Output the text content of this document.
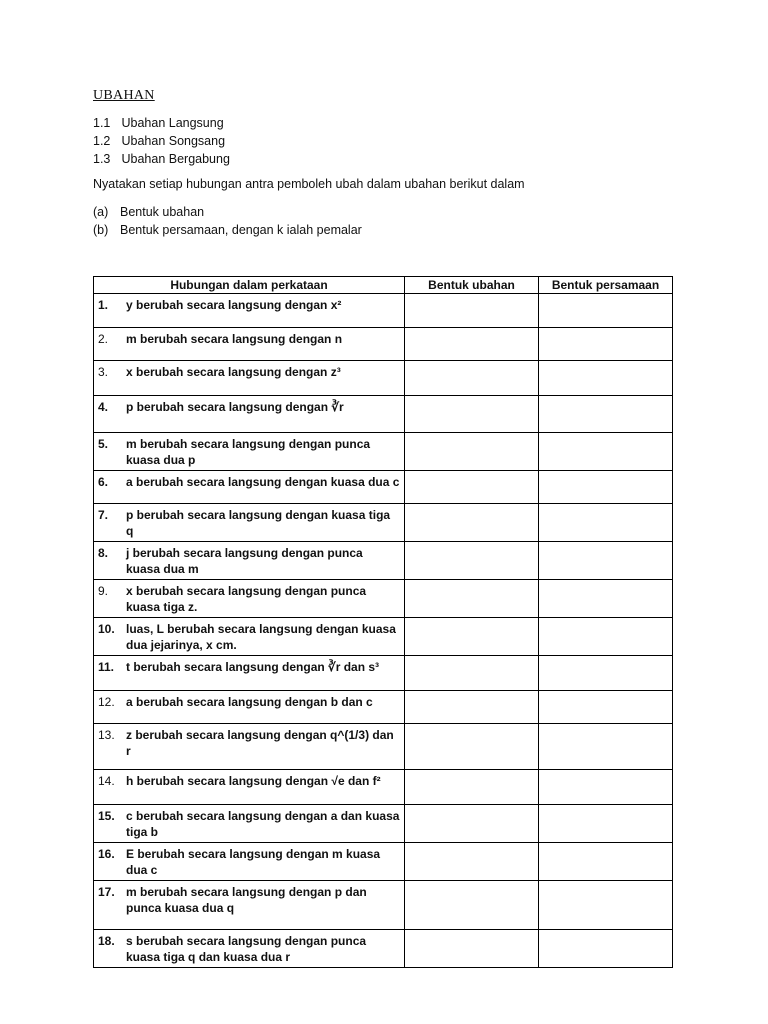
UBAHAN
1.1 Ubahan Langsung
1.2 Ubahan Songsang
1.3 Ubahan Bergabung
Nyatakan setiap hubungan antra pemboleh ubah dalam ubahan berikut dalam
(a) Bentuk ubahan
(b) Bentuk persamaan, dengan k ialah pemalar
Hubungan dalam perkataan	Bentuk ubahan	Bentuk persamaan

1. y berubah secara langsung dengan x²		

2. m berubah secara langsung dengan n		

3. x berubah secara langsung dengan z³		

4. p berubah secara langsung dengan ∛r		

5. m berubah secara langsung dengan punca kuasa dua p		

6. a berubah secara langsung dengan kuasa dua c		

7. p berubah secara langsung dengan kuasa tiga q		

8. j berubah secara langsung dengan punca kuasa dua m		

9. x berubah secara langsung dengan punca kuasa tiga z.		

10. luas, L berubah secara langsung dengan kuasa dua jejarinya, x cm.		

11. t berubah secara langsung dengan ∛r dan s³		

12. a berubah secara langsung dengan b dan c		

13. z berubah secara langsung dengan q^(1/3) dan r		

14. h berubah secara langsung dengan √e dan f²		

15. c berubah secara langsung dengan a dan kuasa tiga b		

16. E berubah secara langsung dengan m kuasa dua c		

17. m berubah secara langsung dengan p dan punca kuasa dua q		

18. s berubah secara langsung dengan punca kuasa tiga q dan kuasa dua r		
